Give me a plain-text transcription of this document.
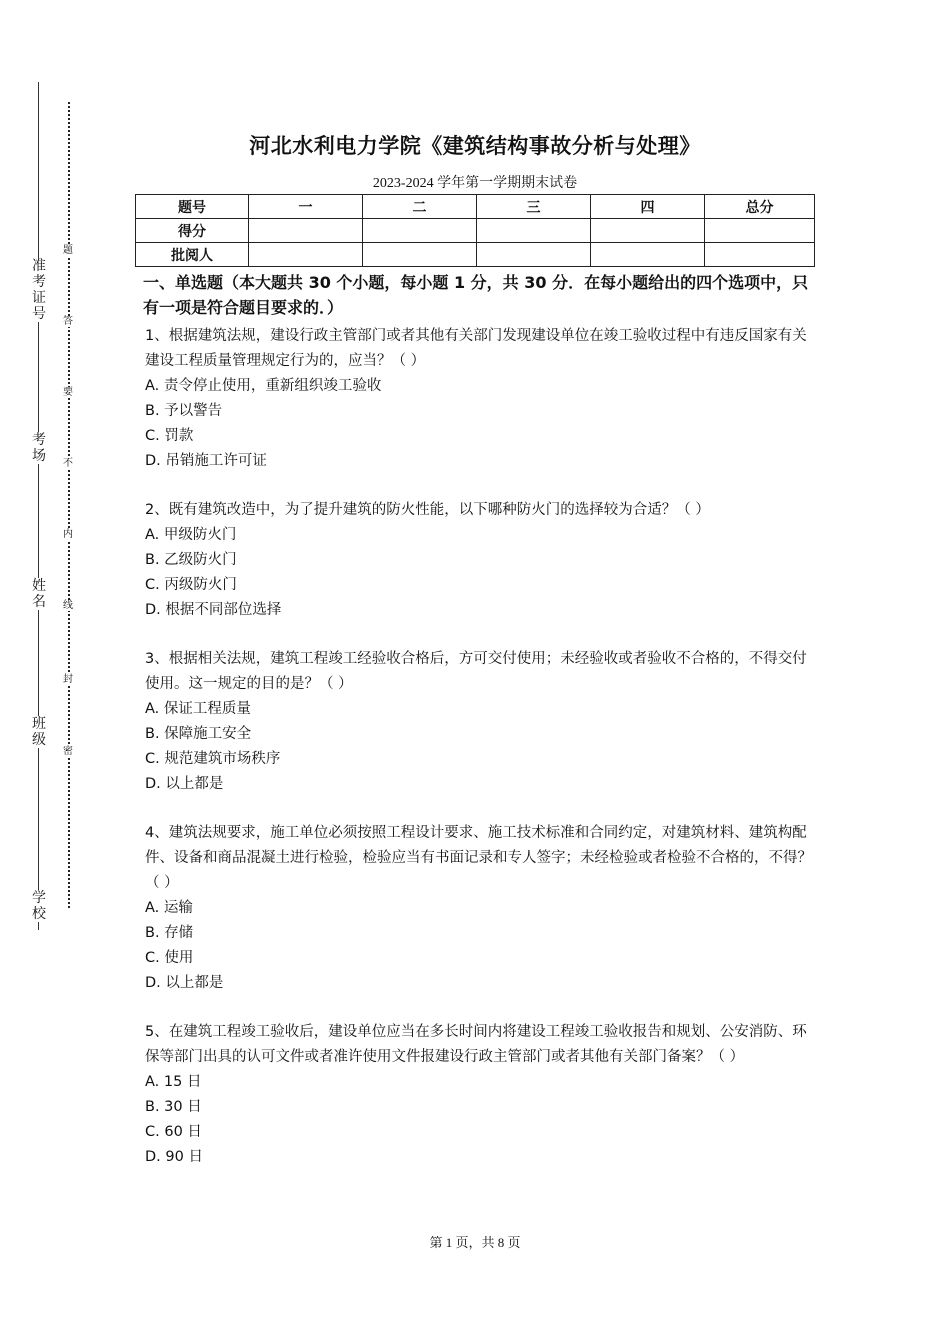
准考证号
考场
姓名
班级
学校
题
答
要
不
内
线
封
密
河北水利电力学院《建筑结构事故分析与处理》
2023-2024 学年第一学期期末试卷
题号	一	二	三	四	总分
得分					
批阅人					
一、单选题（本大题共 30 个小题，每小题 1 分，共 30 分．在每小题给出的四个选项中，只有一项是符合题目要求的．）
1、根据建筑法规，建设行政主管部门或者其他有关部门发现建设单位在竣工验收过程中有违反国家有关建设工程质量管理规定行为的，应当？（ ）
A. 责令停止使用，重新组织竣工验收
B. 予以警告
C. 罚款
D. 吊销施工许可证
2、既有建筑改造中，为了提升建筑的防火性能，以下哪种防火门的选择较为合适？（ ）
A. 甲级防火门
B. 乙级防火门
C. 丙级防火门
D. 根据不同部位选择
3、根据相关法规，建筑工程竣工经验收合格后，方可交付使用；未经验收或者验收不合格的，不得交付使用。这一规定的目的是？（ ）
A. 保证工程质量
B. 保障施工安全
C. 规范建筑市场秩序
D. 以上都是
4、建筑法规要求，施工单位必须按照工程设计要求、施工技术标准和合同约定，对建筑材料、建筑构配件、设备和商品混凝土进行检验，检验应当有书面记录和专人签字；未经检验或者检验不合格的，不得？（ ）
A. 运输
B. 存储
C. 使用
D. 以上都是
5、在建筑工程竣工验收后，建设单位应当在多长时间内将建设工程竣工验收报告和规划、公安消防、环保等部门出具的认可文件或者准许使用文件报建设行政主管部门或者其他有关部门备案？（ ）
A. 15 日
B. 30 日
C. 60 日
D. 90 日
第 1 页，共 8 页
